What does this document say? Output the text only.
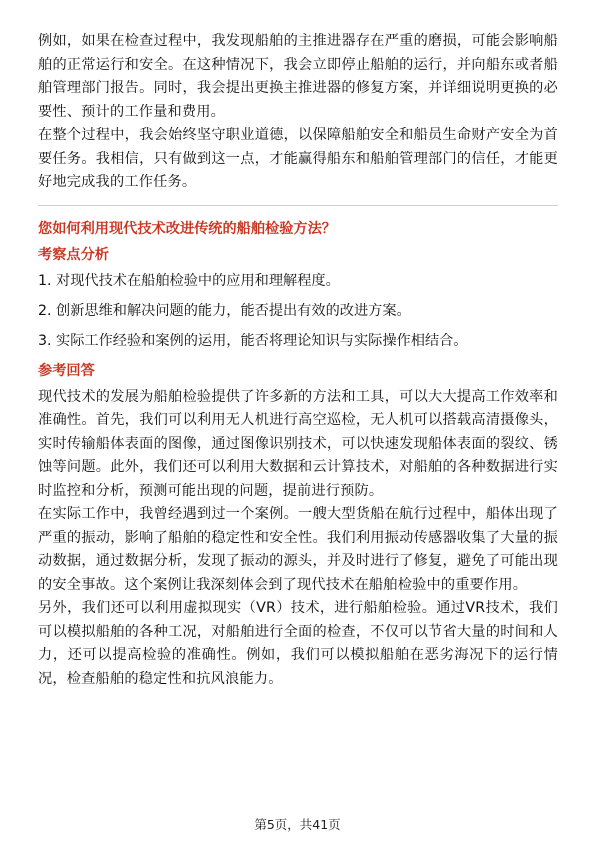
例如，如果在检查过程中，我发现船舶的主推进器存在严重的磨损，可能会影响船舶的正常运行和安全。在这种情况下，我会立即停止船舶的运行，并向船东或者船舶管理部门报告。同时，我会提出更换主推进器的修复方案，并详细说明更换的必要性、预计的工作量和费用。

在整个过程中，我会始终坚守职业道德，以保障船舶安全和船员生命财产安全为首要任务。我相信，只有做到这一点，才能赢得船东和船舶管理部门的信任，才能更好地完成我的工作任务。

您如何利用现代技术改进传统的船舶检验方法？

考察点分析

1. 对现代技术在船舶检验中的应用和理解程度。

2. 创新思维和解决问题的能力，能否提出有效的改进方案。

3. 实际工作经验和案例的运用，能否将理论知识与实际操作相结合。

参考回答

现代技术的发展为船舶检验提供了许多新的方法和工具，可以大大提高工作效率和准确性。首先，我们可以利用无人机进行高空巡检，无人机可以搭载高清摄像头，实时传输船体表面的图像，通过图像识别技术，可以快速发现船体表面的裂纹、锈蚀等问题。此外，我们还可以利用大数据和云计算技术，对船舶的各种数据进行实时监控和分析，预测可能出现的问题，提前进行预防。

在实际工作中，我曾经遇到过一个案例。一艘大型货船在航行过程中，船体出现了严重的振动，影响了船舶的稳定性和安全性。我们利用振动传感器收集了大量的振动数据，通过数据分析，发现了振动的源头，并及时进行了修复，避免了可能出现的安全事故。这个案例让我深刻体会到了现代技术在船舶检验中的重要作用。

另外，我们还可以利用虚拟现实（VR）技术，进行船舶检验。通过VR技术，我们可以模拟船舶的各种工况，对船舶进行全面的检查，不仅可以节省大量的时间和人力，还可以提高检验的准确性。例如，我们可以模拟船舶在恶劣海况下的运行情况，检查船舶的稳定性和抗风浪能力。

第5页，共41页
